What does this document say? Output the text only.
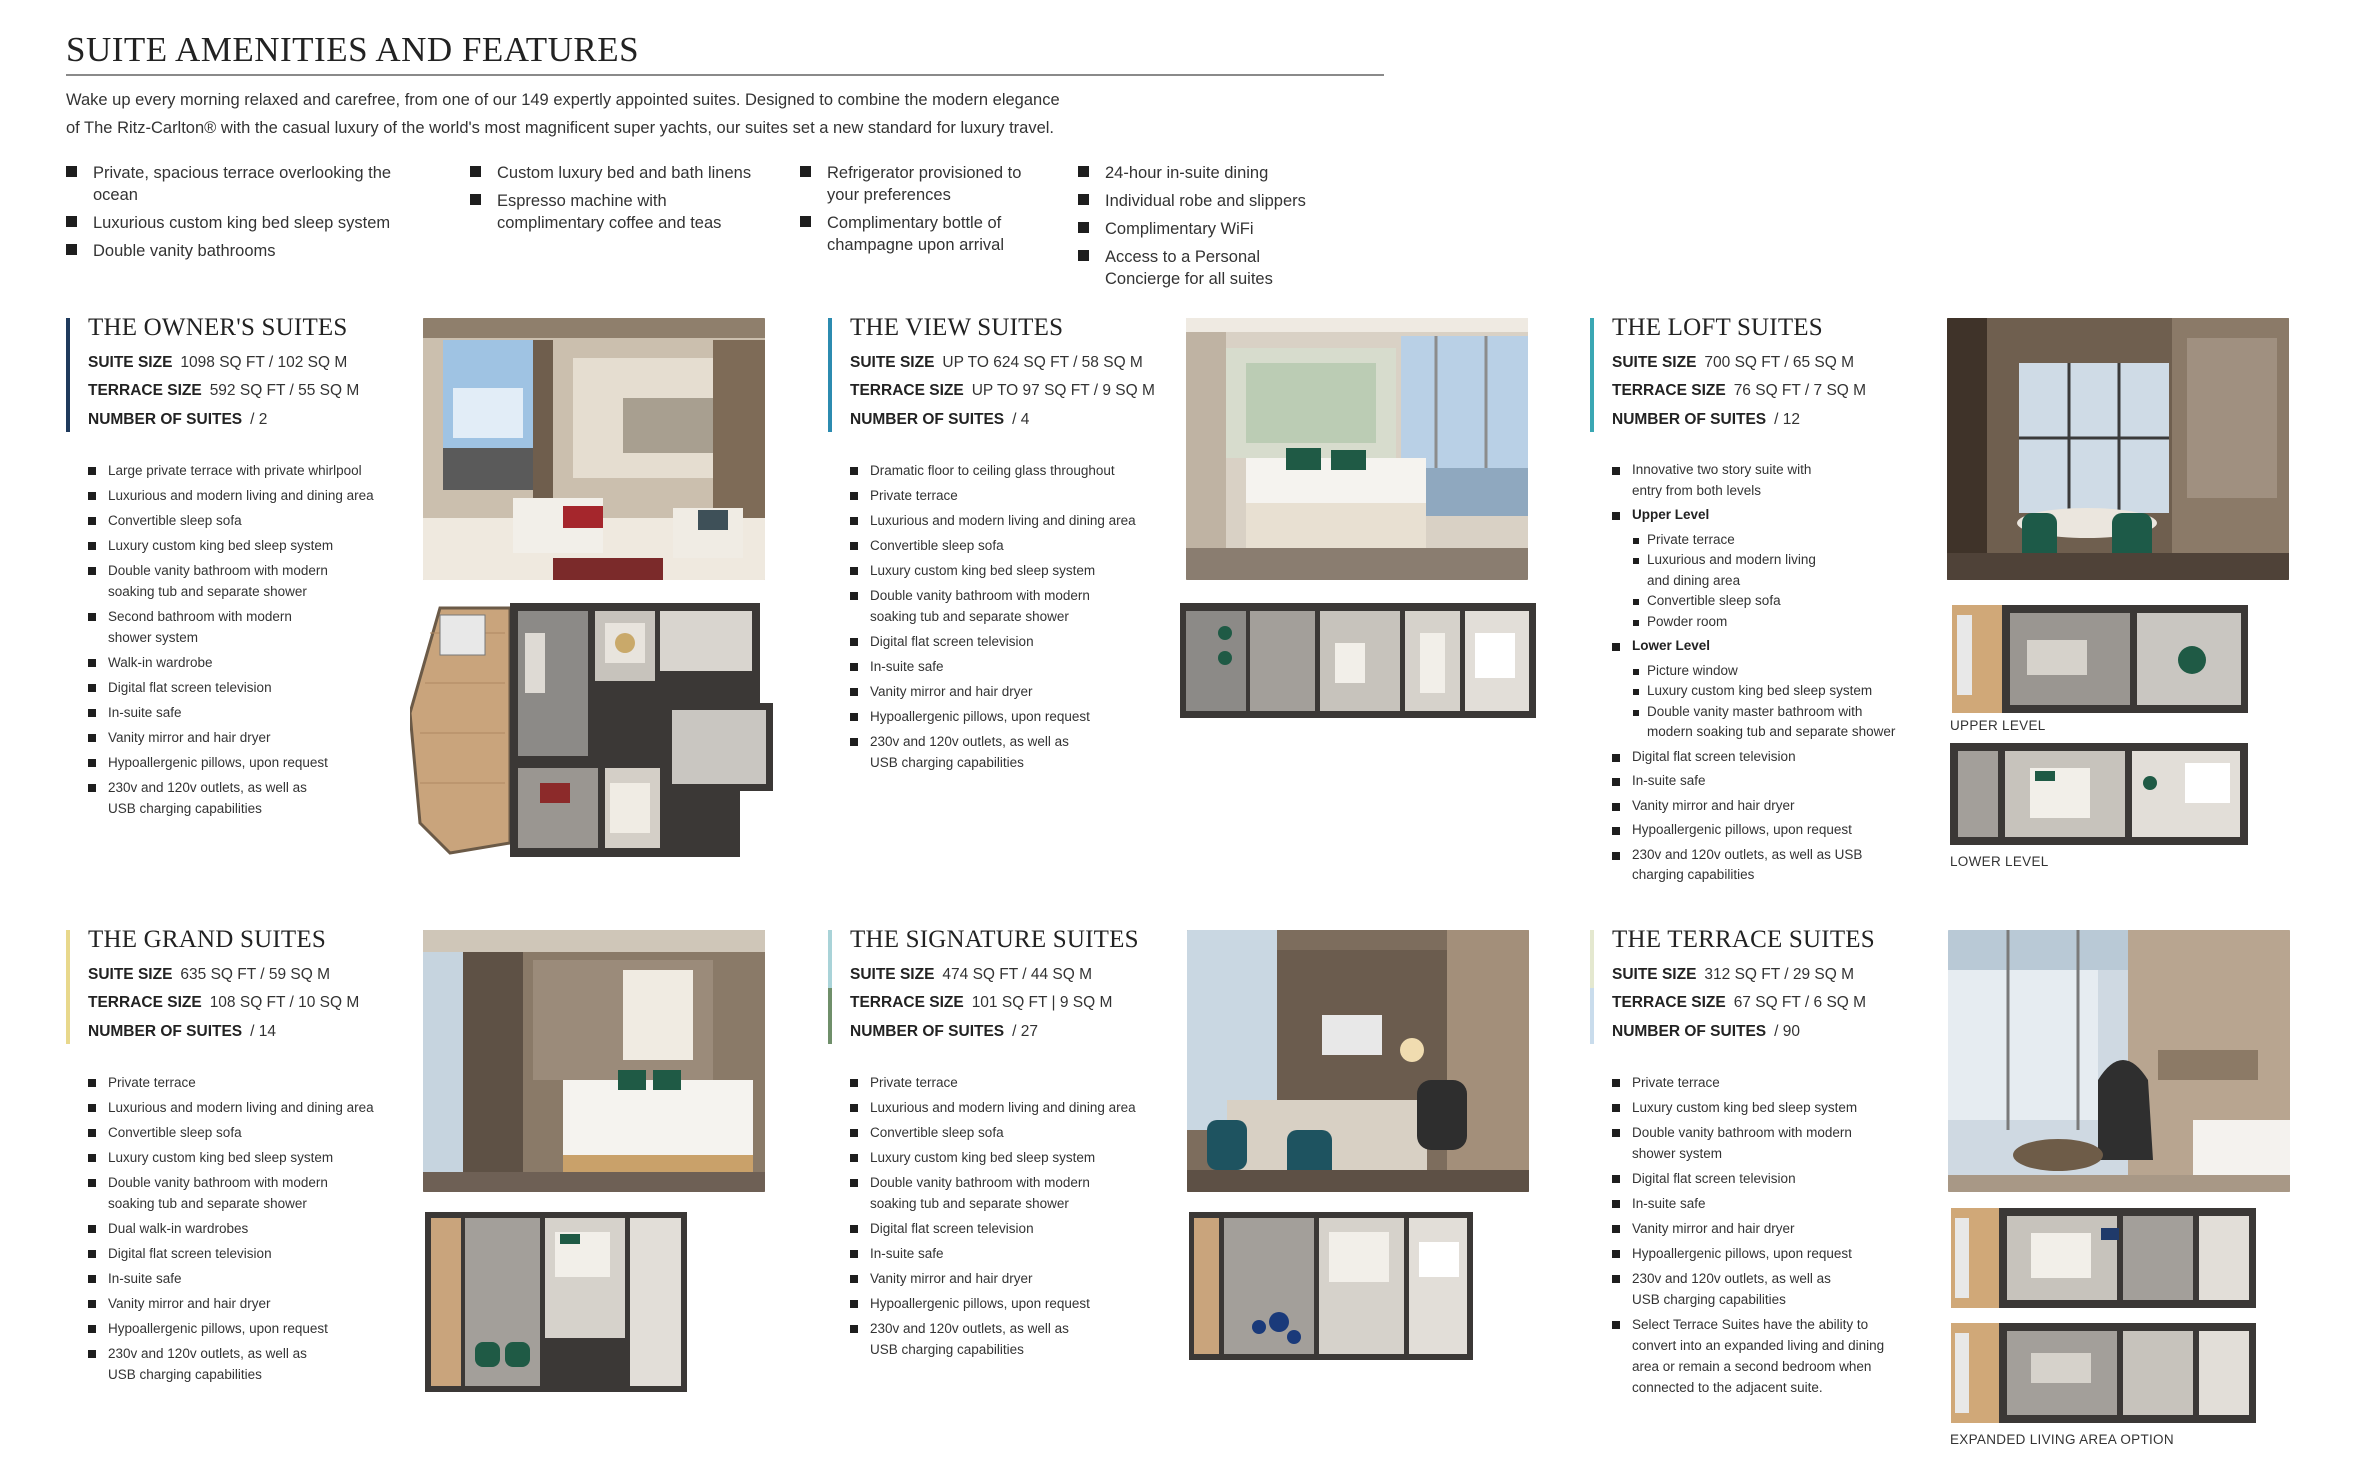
SUITE AMENITIES AND FEATURES
Wake up every morning relaxed and carefree, from one of our 149 expertly appointed suites. Designed to combine the modern elegance
of The Ritz-Carlton® with the casual luxury of the world's most magnificent super yachts, our suites set a new standard for luxury travel.
Private, spacious terrace overlooking the ocean
Luxurious custom king bed sleep system
Double vanity bathrooms
Custom luxury bed and bath linens
Espresso machine with complimentary coffee and teas
Refrigerator provisioned to your preferences
Complimentary bottle of champagne upon arrival
24-hour in-suite dining
Individual robe and slippers
Complimentary WiFi
Access to a Personal Concierge for all suites
THE OWNER'S SUITES
SUITE SIZE 1098 SQ FT / 102 SQ M
TERRACE SIZE 592 SQ FT / 55 SQ M
NUMBER OF SUITES / 2
Large private terrace with private whirlpool
Luxurious and modern living and dining area
Convertible sleep sofa
Luxury custom king bed sleep system
Double vanity bathroom with modern
soaking tub and separate shower
Second bathroom with modern
shower system
Walk-in wardrobe
Digital flat screen television
In-suite safe
Vanity mirror and hair dryer
Hypoallergenic pillows, upon request
230v and 120v outlets, as well as
USB charging capabilities
THE VIEW SUITES
SUITE SIZE UP TO 624 SQ FT / 58 SQ M
TERRACE SIZE UP TO 97 SQ FT / 9 SQ M
NUMBER OF SUITES / 4
Dramatic floor to ceiling glass throughout
Private terrace
Luxurious and modern living and dining area
Convertible sleep sofa
Luxury custom king bed sleep system
Double vanity bathroom with modern
soaking tub and separate shower
Digital flat screen television
In-suite safe
Vanity mirror and hair dryer
Hypoallergenic pillows, upon request
230v and 120v outlets, as well as
USB charging capabilities
THE LOFT SUITES
SUITE SIZE 700 SQ FT / 65 SQ M
TERRACE SIZE 76 SQ FT / 7 SQ M
NUMBER OF SUITES / 12
Innovative two story suite with
entry from both levels
Upper Level
Private terrace
Luxurious and modern living
and dining area
Convertible sleep sofa
Powder room
Lower Level
Picture window
Luxury custom king bed sleep system
Double vanity master bathroom with
modern soaking tub and separate shower
Digital flat screen television
In-suite safe
Vanity mirror and hair dryer
Hypoallergenic pillows, upon request
230v and 120v outlets, as well as USB
charging capabilities
UPPER LEVEL
LOWER LEVEL
THE GRAND SUITES
SUITE SIZE 635 SQ FT / 59 SQ M
TERRACE SIZE 108 SQ FT / 10 SQ M
NUMBER OF SUITES / 14
Private terrace
Luxurious and modern living and dining area
Convertible sleep sofa
Luxury custom king bed sleep system
Double vanity bathroom with modern
soaking tub and separate shower
Dual walk-in wardrobes
Digital flat screen television
In-suite safe
Vanity mirror and hair dryer
Hypoallergenic pillows, upon request
230v and 120v outlets, as well as
USB charging capabilities
THE SIGNATURE SUITES
SUITE SIZE 474 SQ FT / 44 SQ M
TERRACE SIZE 101 SQ FT | 9 SQ M
NUMBER OF SUITES / 27
Private terrace
Luxurious and modern living and dining area
Convertible sleep sofa
Luxury custom king bed sleep system
Double vanity bathroom with modern
soaking tub and separate shower
Digital flat screen television
In-suite safe
Vanity mirror and hair dryer
Hypoallergenic pillows, upon request
230v and 120v outlets, as well as
USB charging capabilities
THE TERRACE SUITES
SUITE SIZE 312 SQ FT / 29 SQ M
TERRACE SIZE 67 SQ FT / 6 SQ M
NUMBER OF SUITES / 90
Private terrace
Luxury custom king bed sleep system
Double vanity bathroom with modern
shower system
Digital flat screen television
In-suite safe
Vanity mirror and hair dryer
Hypoallergenic pillows, upon request
230v and 120v outlets, as well as
USB charging capabilities
Select Terrace Suites have the ability to
convert into an expanded living and dining
area or remain a second bedroom when
connected to the adjacent suite.
EXPANDED LIVING AREA OPTION
